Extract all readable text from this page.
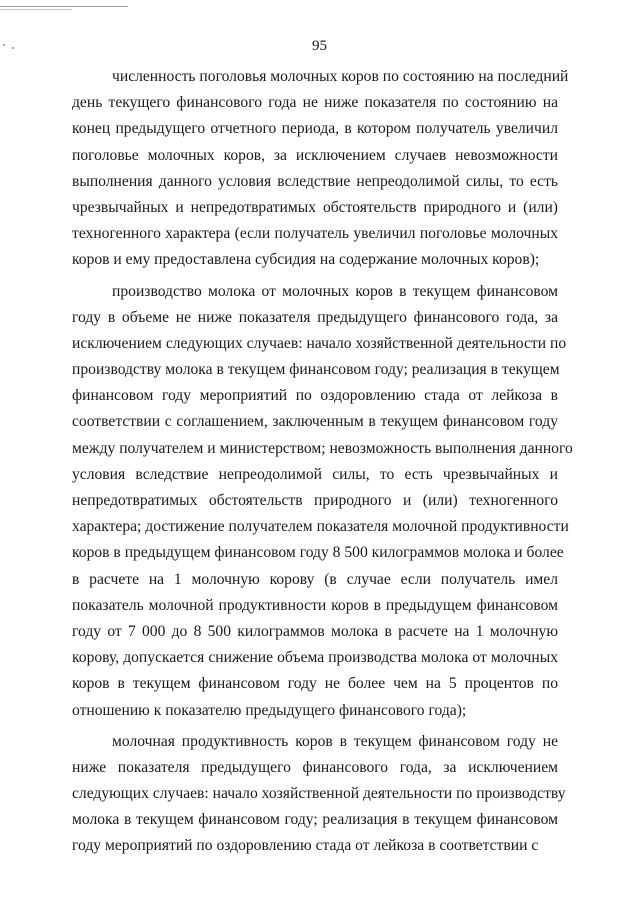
95

численность поголовья молочных коров по состоянию на последний
день текущего финансового года не ниже показателя по состоянию на
конец предыдущего отчетного периода, в котором получатель увеличил
поголовье молочных коров, за исключением случаев невозможности
выполнения данного условия вследствие непреодолимой силы, то есть
чрезвычайных и непредотвратимых обстоятельств природного и (или)
техногенного характера (если получатель увеличил поголовье молочных
коров и ему предоставлена субсидия на содержание молочных коров);

производство молока от молочных коров в текущем финансовом
году в объеме не ниже показателя предыдущего финансового года, за
исключением следующих случаев: начало хозяйственной деятельности по
производству молока в текущем финансовом году; реализация в текущем
финансовом году мероприятий по оздоровлению стада от лейкоза в
соответствии с соглашением, заключенным в текущем финансовом году
между получателем и министерством; невозможность выполнения данного
условия вследствие непреодолимой силы, то есть чрезвычайных и
непредотвратимых обстоятельств природного и (или) техногенного
характера; достижение получателем показателя молочной продуктивности
коров в предыдущем финансовом году 8 500 килограммов молока и более
в расчете на 1 молочную корову (в случае если получатель имел
показатель молочной продуктивности коров в предыдущем финансовом
году от 7 000 до 8 500 килограммов молока в расчете на 1 молочную
корову, допускается снижение объема производства молока от молочных
коров в текущем финансовом году не более чем на 5 процентов по
отношению к показателю предыдущего финансового года);

молочная продуктивность коров в текущем финансовом году не
ниже показателя предыдущего финансового года, за исключением
следующих случаев: начало хозяйственной деятельности по производству
молока в текущем финансовом году; реализация в текущем финансовом
году мероприятий по оздоровлению стада от лейкоза в соответствии с
